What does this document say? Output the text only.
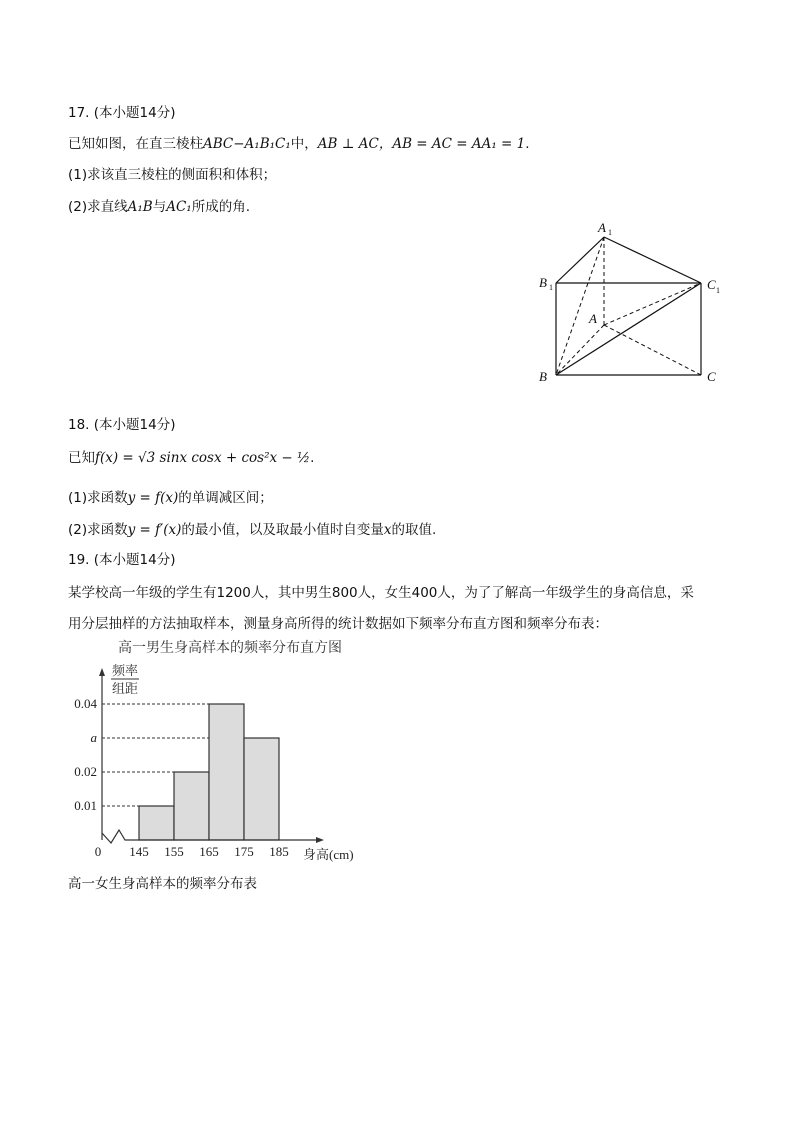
17. (本小题14分)
已知如图，在直三棱柱ABC−A₁B₁C₁中，AB ⊥ AC，AB = AC = AA₁ = 1.
(1)求该直三棱柱的侧面积和体积；
(2)求直线A₁B与AC₁所成的角.
A 1
B 1	C 1
A
B	C
18. (本小题14分)
已知f(x) = √3 sinx cosx + cos²x − ½.
(1)求函数y = f(x)的单调减区间；
(2)求函数y = f′(x)的最小值，以及取最小值时自变量x的取值.
19. (本小题14分)
某学校高一年级的学生有1200人，其中男生800人，女生400人，为了了解高一年级学生的身高信息，采
用分层抽样的方法抽取样本，测量身高所得的统计数据如下频率分布直方图和频率分布表：
高一男生身高样本的频率分布直方图
频率
组距
0.01
0.02
a
0.04
145 155 165 175 185
0	身高(cm)
高一女生身高样本的频率分布表
